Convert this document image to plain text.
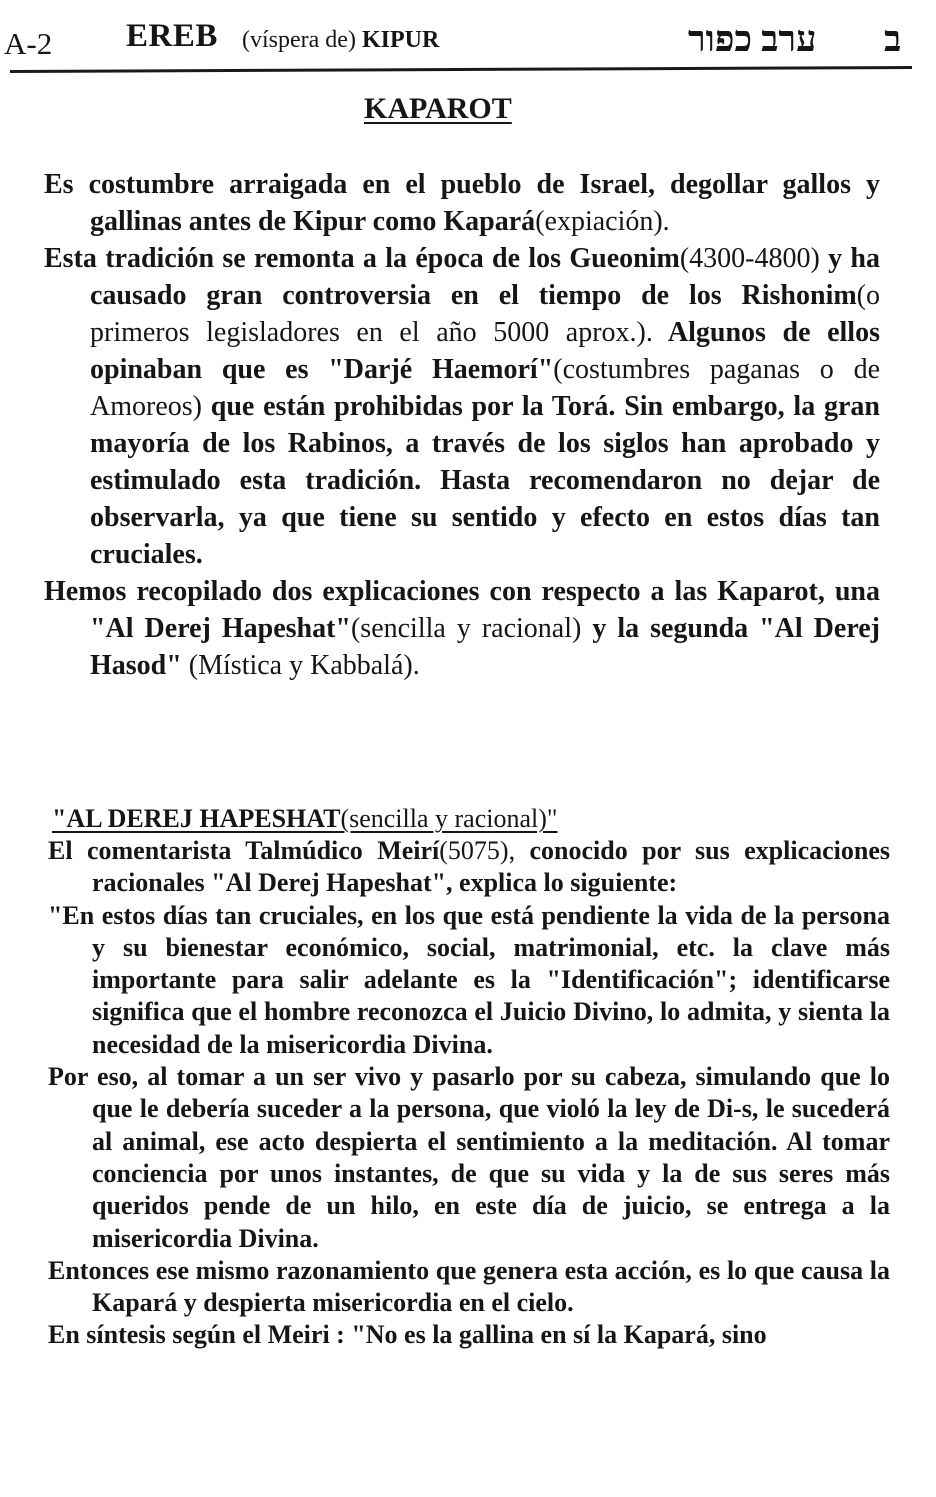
A-2 EREB (víspera de) KIPUR	ערב כפור ב
KAPAROT

Es costumbre arraigada en el pueblo de Israel, degollar gallos y gallinas antes de Kipur como Kapará(expiación).

Esta tradición se remonta a la época de los Gueonim(4300-4800) y ha causado gran controversia en el tiempo de los Rishonim(o primeros legisladores en el año 5000 aprox.). Algunos de ellos opinaban que es "Darjé Haemorí"(costumbres paganas o de Amoreos) que están prohibidas por la Torá. Sin embargo, la gran mayoría de los Rabinos, a través de los siglos han aprobado y estimulado esta tradición. Hasta recomendaron no dejar de observarla, ya que tiene su sentido y efecto en estos días tan cruciales.

Hemos recopilado dos explicaciones con respecto a las Kaparot, una "Al Derej Hapeshat"(sencilla y racional) y la segunda "Al Derej Hasod" (Mística y Kabbalá).

"AL DEREJ HAPESHAT(sencilla y racional)"

El comentarista Talmúdico Meirí(5075), conocido por sus explicaciones racionales "Al Derej Hapeshat", explica lo siguiente:

"En estos días tan cruciales, en los que está pendiente la vida de la persona y su bienestar económico, social, matrimonial, etc. la clave más importante para salir adelante es la "Identificación"; identificarse significa que el hombre reconozca el Juicio Divino, lo admita, y sienta la necesidad de la misericordia Divina.

Por eso, al tomar a un ser vivo y pasarlo por su cabeza, simulando que lo que le debería suceder a la persona, que violó la ley de Di-s, le sucederá al animal, ese acto despierta el sentimiento a la meditación. Al tomar conciencia por unos instantes, de que su vida y la de sus seres más queridos pende de un hilo, en este día de juicio, se entrega a la misericordia Divina.

Entonces ese mismo razonamiento que genera esta acción, es lo que causa la Kapará y despierta misericordia en el cielo.

En síntesis según el Meiri : "No es la gallina en sí la Kapará, sino
